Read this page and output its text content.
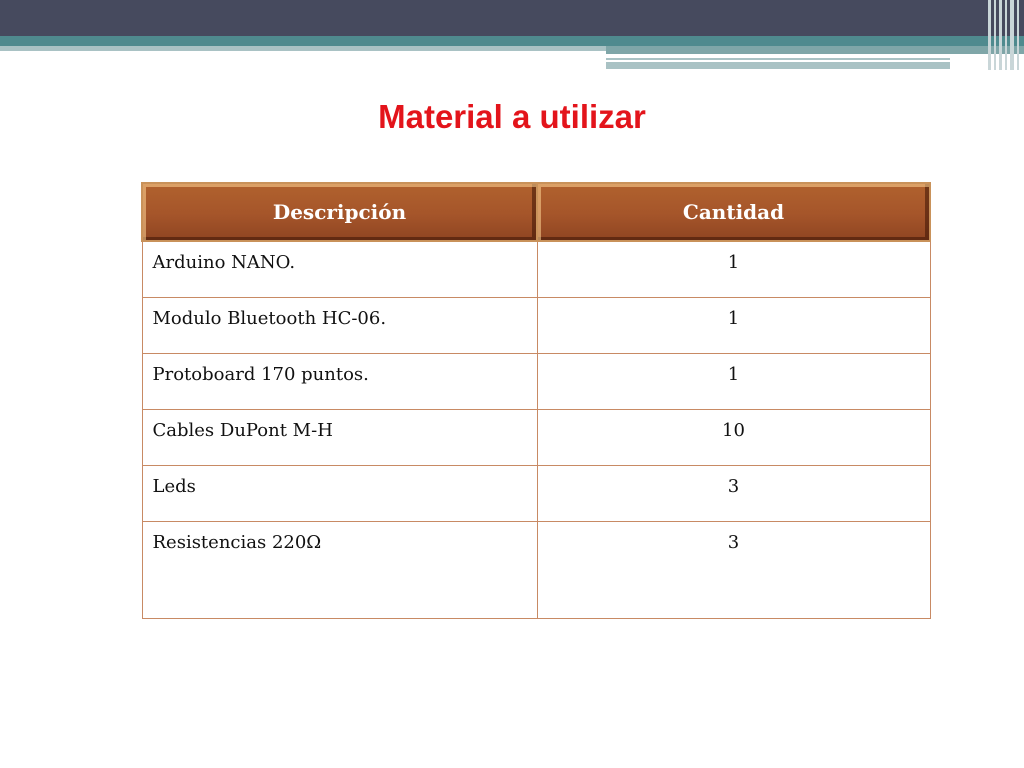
Material a utilizar
Descripción	Cantidad
Arduino NANO.	1
Modulo Bluetooth HC-06.	1
Protoboard 170 puntos.	1
Cables DuPont M-H	10
Leds	3
Resistencias 220Ω	3
